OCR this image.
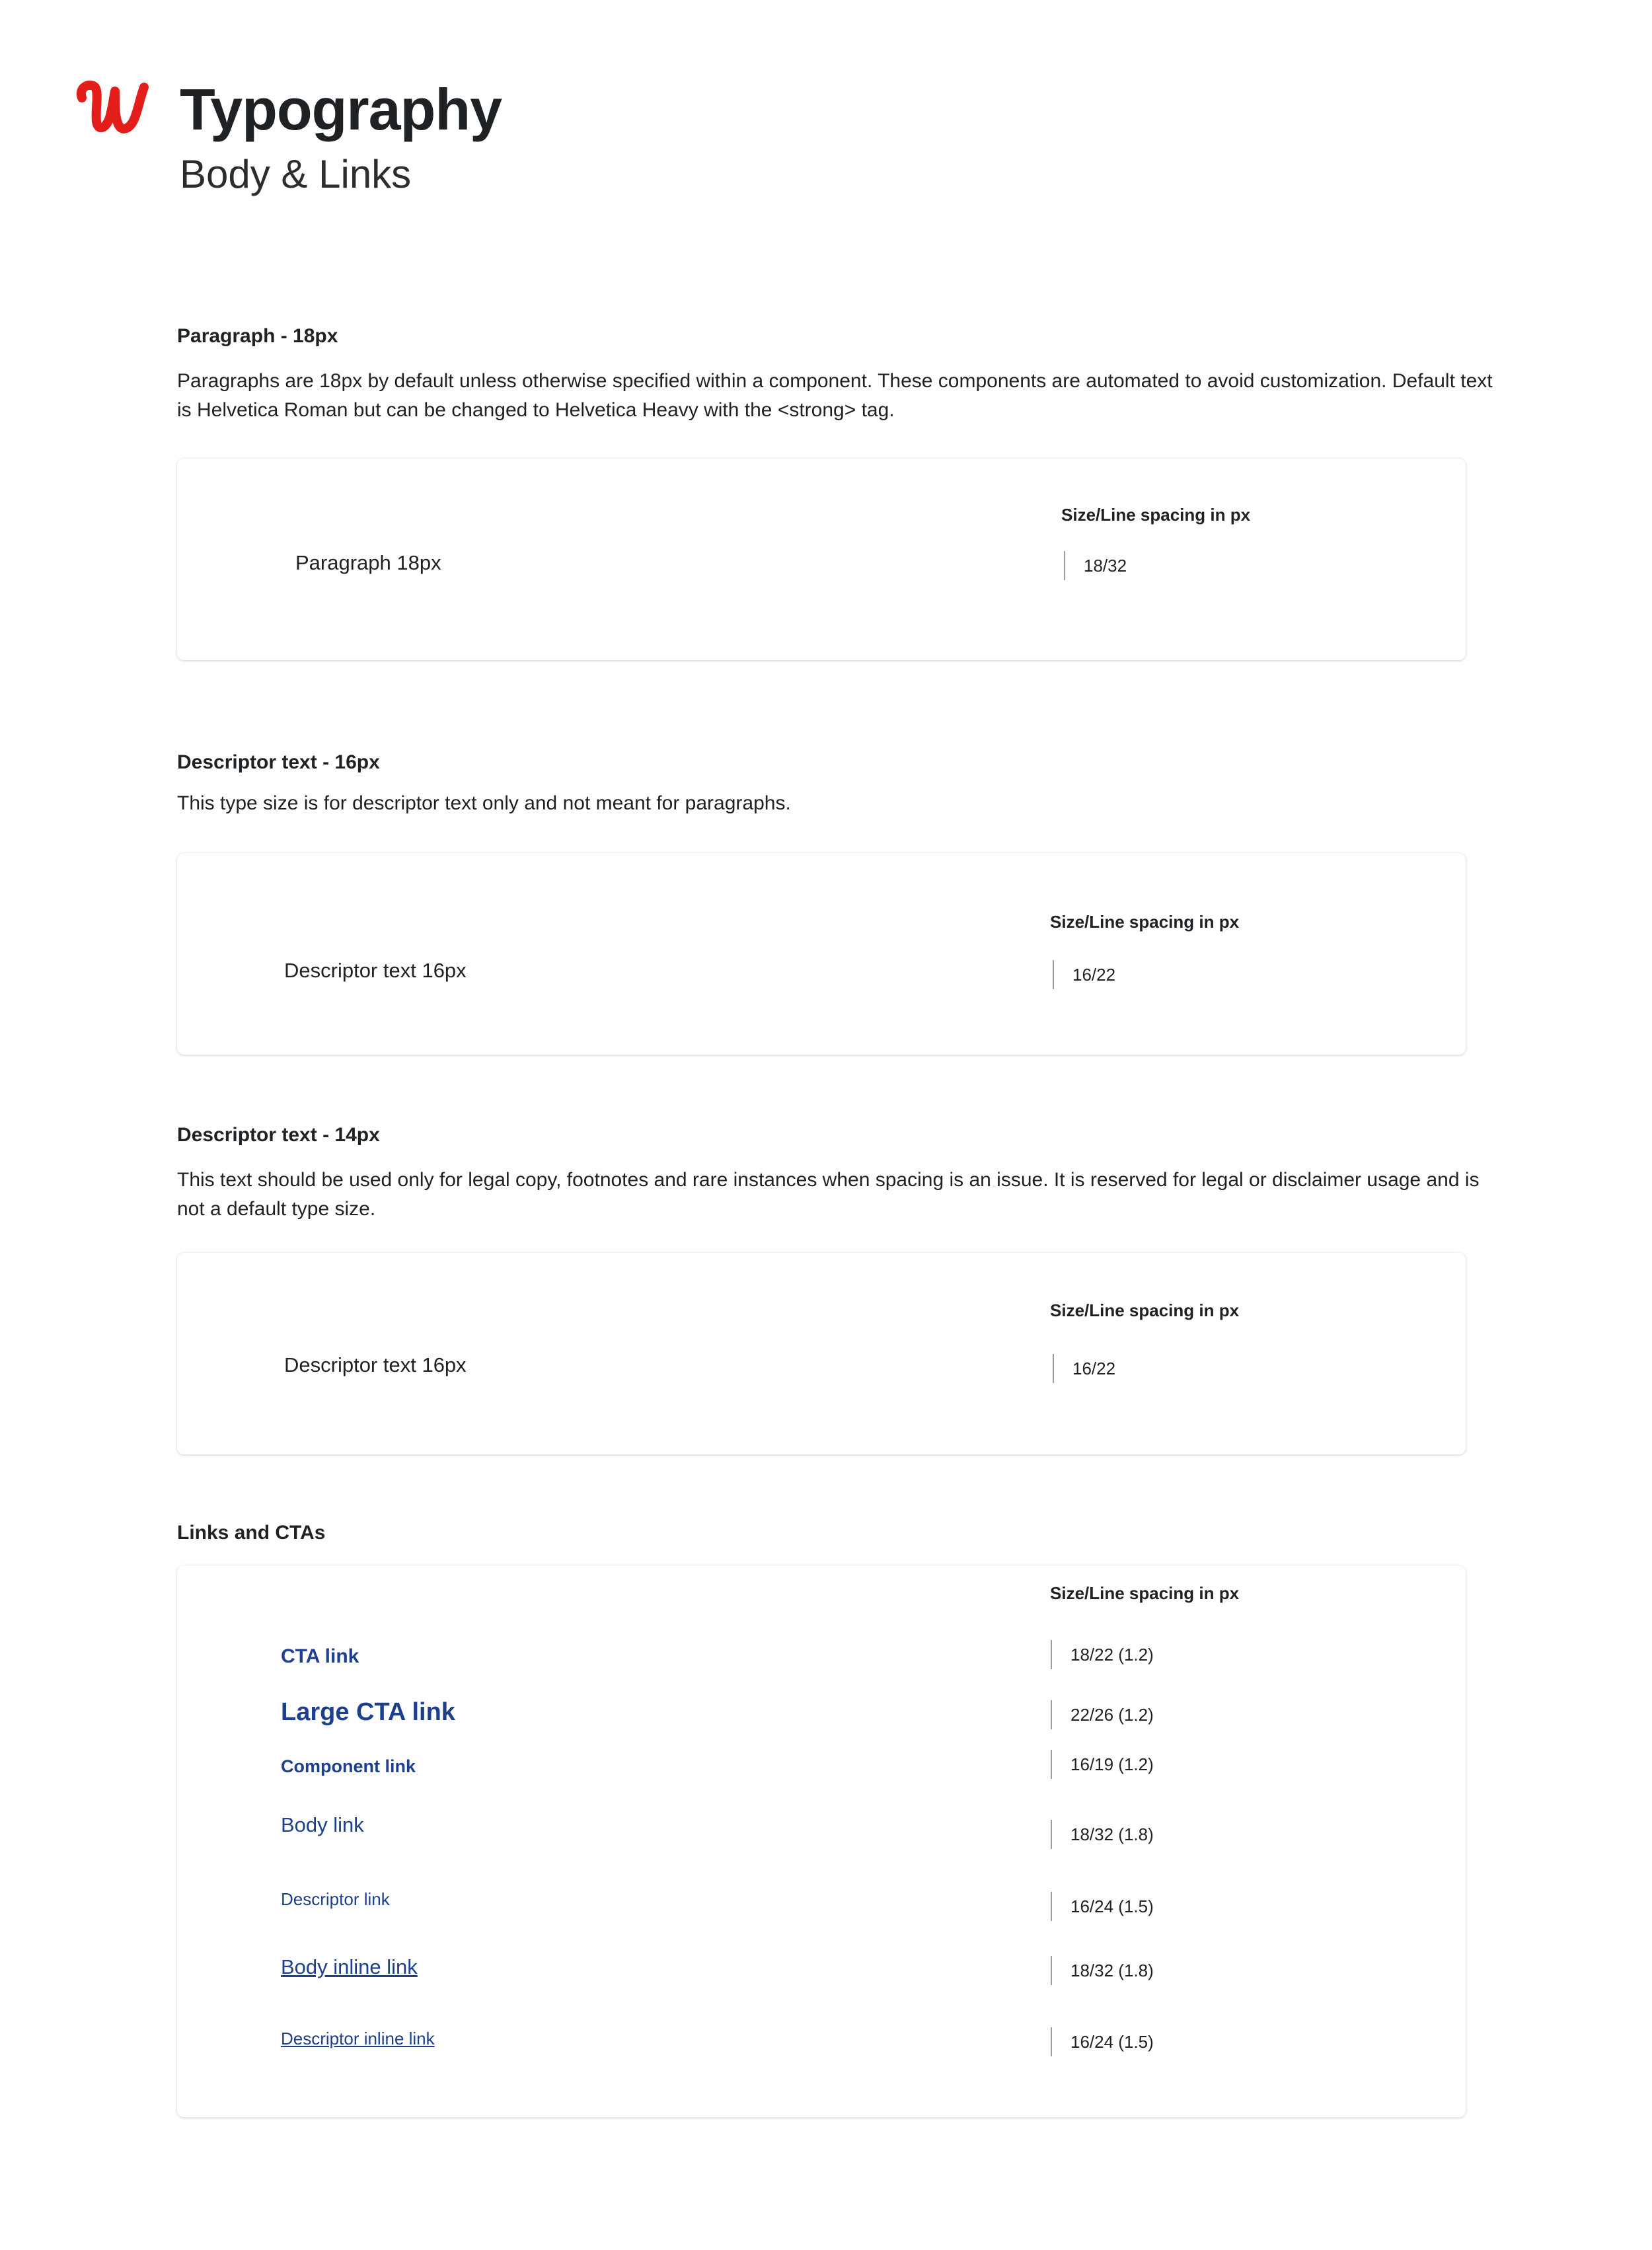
Typography
Body & Links
Paragraph - 18px
Paragraphs are 18px by default unless otherwise specified within a component. These components are automated to avoid customization. Default text is Helvetica Roman but can be changed to Helvetica Heavy with the <strong> tag.
Paragraph 18px
Size/Line spacing in px
18/32
Descriptor text - 16px
This type size is for descriptor text only and not meant for paragraphs.
Descriptor text 16px
Size/Line spacing in px
16/22
Descriptor text - 14px
This text should be used only for legal copy, footnotes and rare instances when spacing is an issue. It is reserved for legal or disclaimer usage and is not a default type size.
Descriptor text 16px
Size/Line spacing in px
16/22
Links and CTAs
Size/Line spacing in px
CTA link	18/22 (1.2)
Large CTA link	22/26 (1.2)
Component link	16/19 (1.2)
Body link	18/32 (1.8)
Descriptor link	16/24 (1.5)
Body inline link	18/32 (1.8)
Descriptor inline link	16/24 (1.5)
